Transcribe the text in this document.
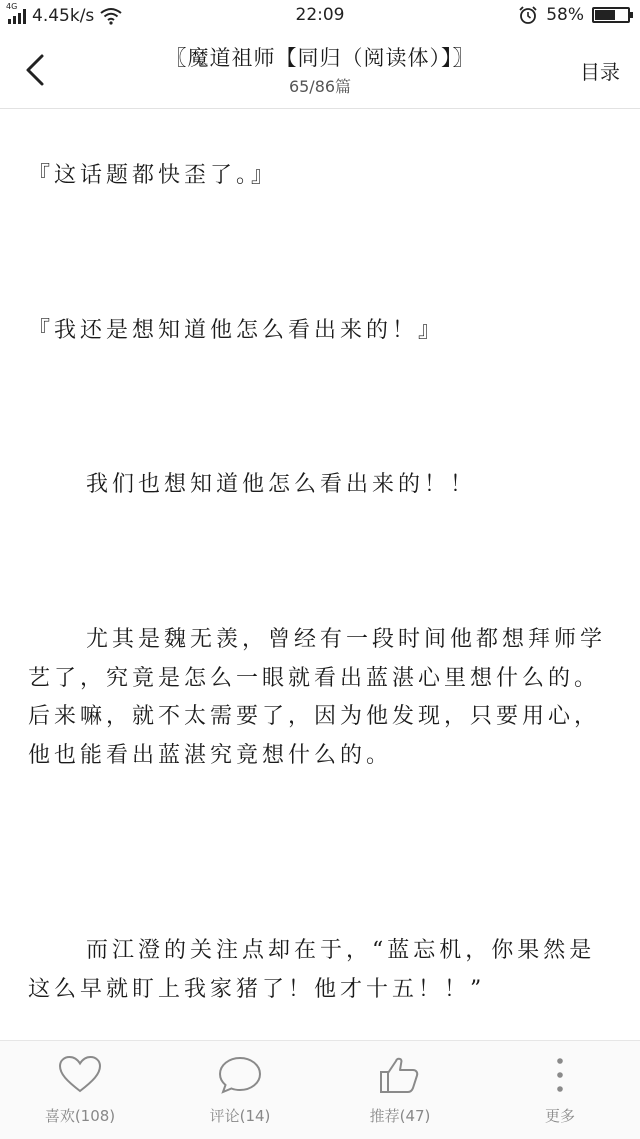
4G 4.45k/s	22:09	58%
〖魔道祖师【同归（阅读体）】〗
65/86篇
目录
『这话题都快歪了。』
『我还是想知道他怎么看出来的！』
我们也想知道他怎么看出来的！！
尤其是魏无羡，曾经有一段时间他都想拜师学艺了，究竟是怎么一眼就看出蓝湛心里想什么的。后来嘛，就不太需要了，因为他发现，只要用心，他也能看出蓝湛究竟想什么的。
而江澄的关注点却在于，“蓝忘机，你果然是这么早就盯上我家猪了！他才十五！！”
喜欢(108)	评论(14)	推荐(47)	更多
